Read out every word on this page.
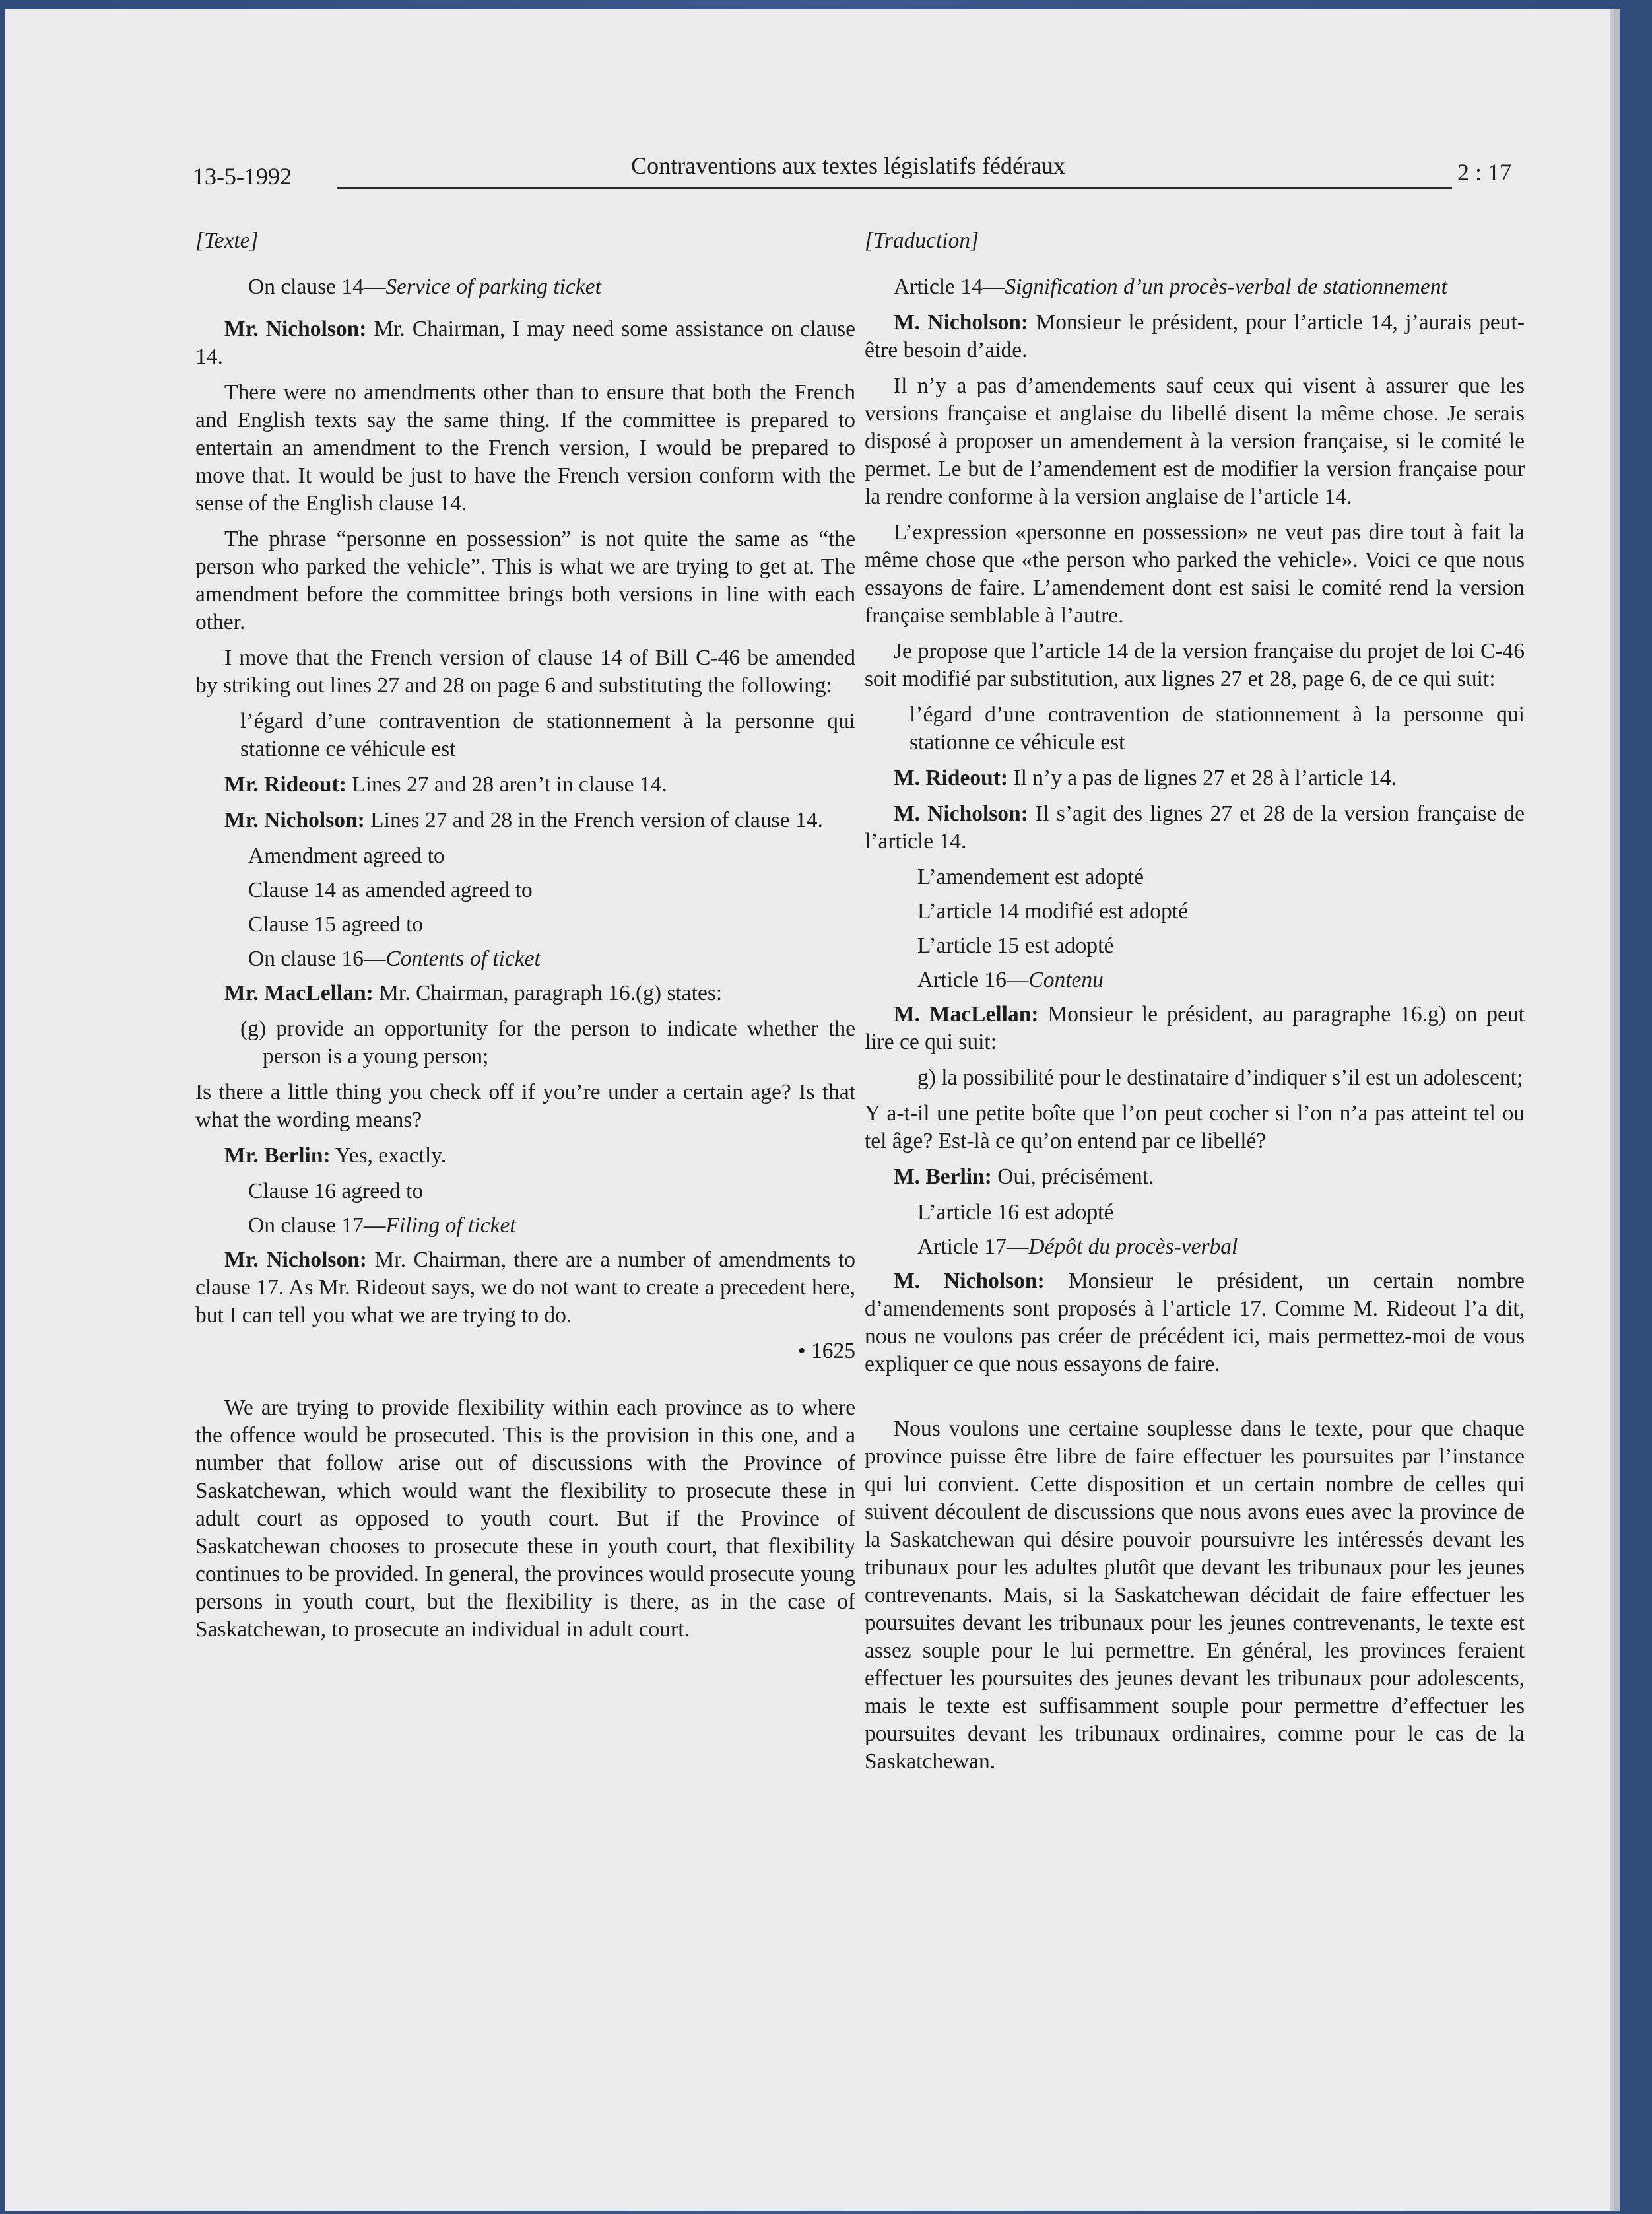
13-5-1992	Contraventions aux textes législatifs fédéraux	2 : 17

[Texte]

On clause 14—Service of parking ticket

Mr. Nicholson: Mr. Chairman, I may need some assistance on clause 14.

There were no amendments other than to ensure that both the French and English texts say the same thing. If the committee is prepared to entertain an amendment to the French version, I would be prepared to move that. It would be just to have the French version conform with the sense of the English clause 14.

The phrase “personne en possession” is not quite the same as “the person who parked the vehicle”. This is what we are trying to get at. The amendment before the committee brings both versions in line with each other.

I move that the French version of clause 14 of Bill C-46 be amended by striking out lines 27 and 28 on page 6 and substituting the following:

l’égard d’une contravention de stationnement à la personne qui stationne ce véhicule est

Mr. Rideout: Lines 27 and 28 aren’t in clause 14.

Mr. Nicholson: Lines 27 and 28 in the French version of clause 14.

Amendment agreed to

Clause 14 as amended agreed to

Clause 15 agreed to

On clause 16—Contents of ticket

Mr. MacLellan: Mr. Chairman, paragraph 16.(g) states:

(g) provide an opportunity for the person to indicate whether the person is a young person;

Is there a little thing you check off if you’re under a certain age? Is that what the wording means?

Mr. Berlin: Yes, exactly.

Clause 16 agreed to

On clause 17—Filing of ticket

Mr. Nicholson: Mr. Chairman, there are a number of amendments to clause 17. As Mr. Rideout says, we do not want to create a precedent here, but I can tell you what we are trying to do.

• 1625

We are trying to provide flexibility within each province as to where the offence would be prosecuted. This is the provision in this one, and a number that follow arise out of discussions with the Province of Saskatchewan, which would want the flexibility to prosecute these in adult court as opposed to youth court. But if the Province of Saskatchewan chooses to prosecute these in youth court, that flexibility continues to be provided. In general, the provinces would prosecute young persons in youth court, but the flexibility is there, as in the case of Saskatchewan, to prosecute an individual in adult court.

[Traduction]

Article 14—Signification d’un procès-verbal de stationnement

M. Nicholson: Monsieur le président, pour l’article 14, j’aurais peut-être besoin d’aide.

Il n’y a pas d’amendements sauf ceux qui visent à assurer que les versions française et anglaise du libellé disent la même chose. Je serais disposé à proposer un amendement à la version française, si le comité le permet. Le but de l’amendement est de modifier la version française pour la rendre conforme à la version anglaise de l’article 14.

L’expression «personne en possession» ne veut pas dire tout à fait la même chose que «the person who parked the vehicle». Voici ce que nous essayons de faire. L’amendement dont est saisi le comité rend la version française semblable à l’autre.

Je propose que l’article 14 de la version française du projet de loi C-46 soit modifié par substitution, aux lignes 27 et 28, page 6, de ce qui suit:

l’égard d’une contravention de stationnement à la personne qui stationne ce véhicule est

M. Rideout: Il n’y a pas de lignes 27 et 28 à l’article 14.

M. Nicholson: Il s’agit des lignes 27 et 28 de la version française de l’article 14.

L’amendement est adopté

L’article 14 modifié est adopté

L’article 15 est adopté

Article 16—Contenu

M. MacLellan: Monsieur le président, au paragraphe 16.g) on peut lire ce qui suit:

g) la possibilité pour le destinataire d’indiquer s’il est un adolescent;

Y a-t-il une petite boîte que l’on peut cocher si l’on n’a pas atteint tel ou tel âge? Est-là ce qu’on entend par ce libellé?

M. Berlin: Oui, précisément.

L’article 16 est adopté

Article 17—Dépôt du procès-verbal

M. Nicholson: Monsieur le président, un certain nombre d’amendements sont proposés à l’article 17. Comme M. Rideout l’a dit, nous ne voulons pas créer de précédent ici, mais permettez-moi de vous expliquer ce que nous essayons de faire.

Nous voulons une certaine souplesse dans le texte, pour que chaque province puisse être libre de faire effectuer les poursuites par l’instance qui lui convient. Cette disposition et un certain nombre de celles qui suivent découlent de discussions que nous avons eues avec la province de la Saskatchewan qui désire pouvoir poursuivre les intéressés devant les tribunaux pour les adultes plutôt que devant les tribunaux pour les jeunes contrevenants. Mais, si la Saskatchewan décidait de faire effectuer les poursuites devant les tribunaux pour les jeunes contrevenants, le texte est assez souple pour le lui permettre. En général, les provinces feraient effectuer les poursuites des jeunes devant les tribunaux pour adolescents, mais le texte est suffisamment souple pour permettre d’effectuer les poursuites devant les tribunaux ordinaires, comme pour le cas de la Saskatchewan.
